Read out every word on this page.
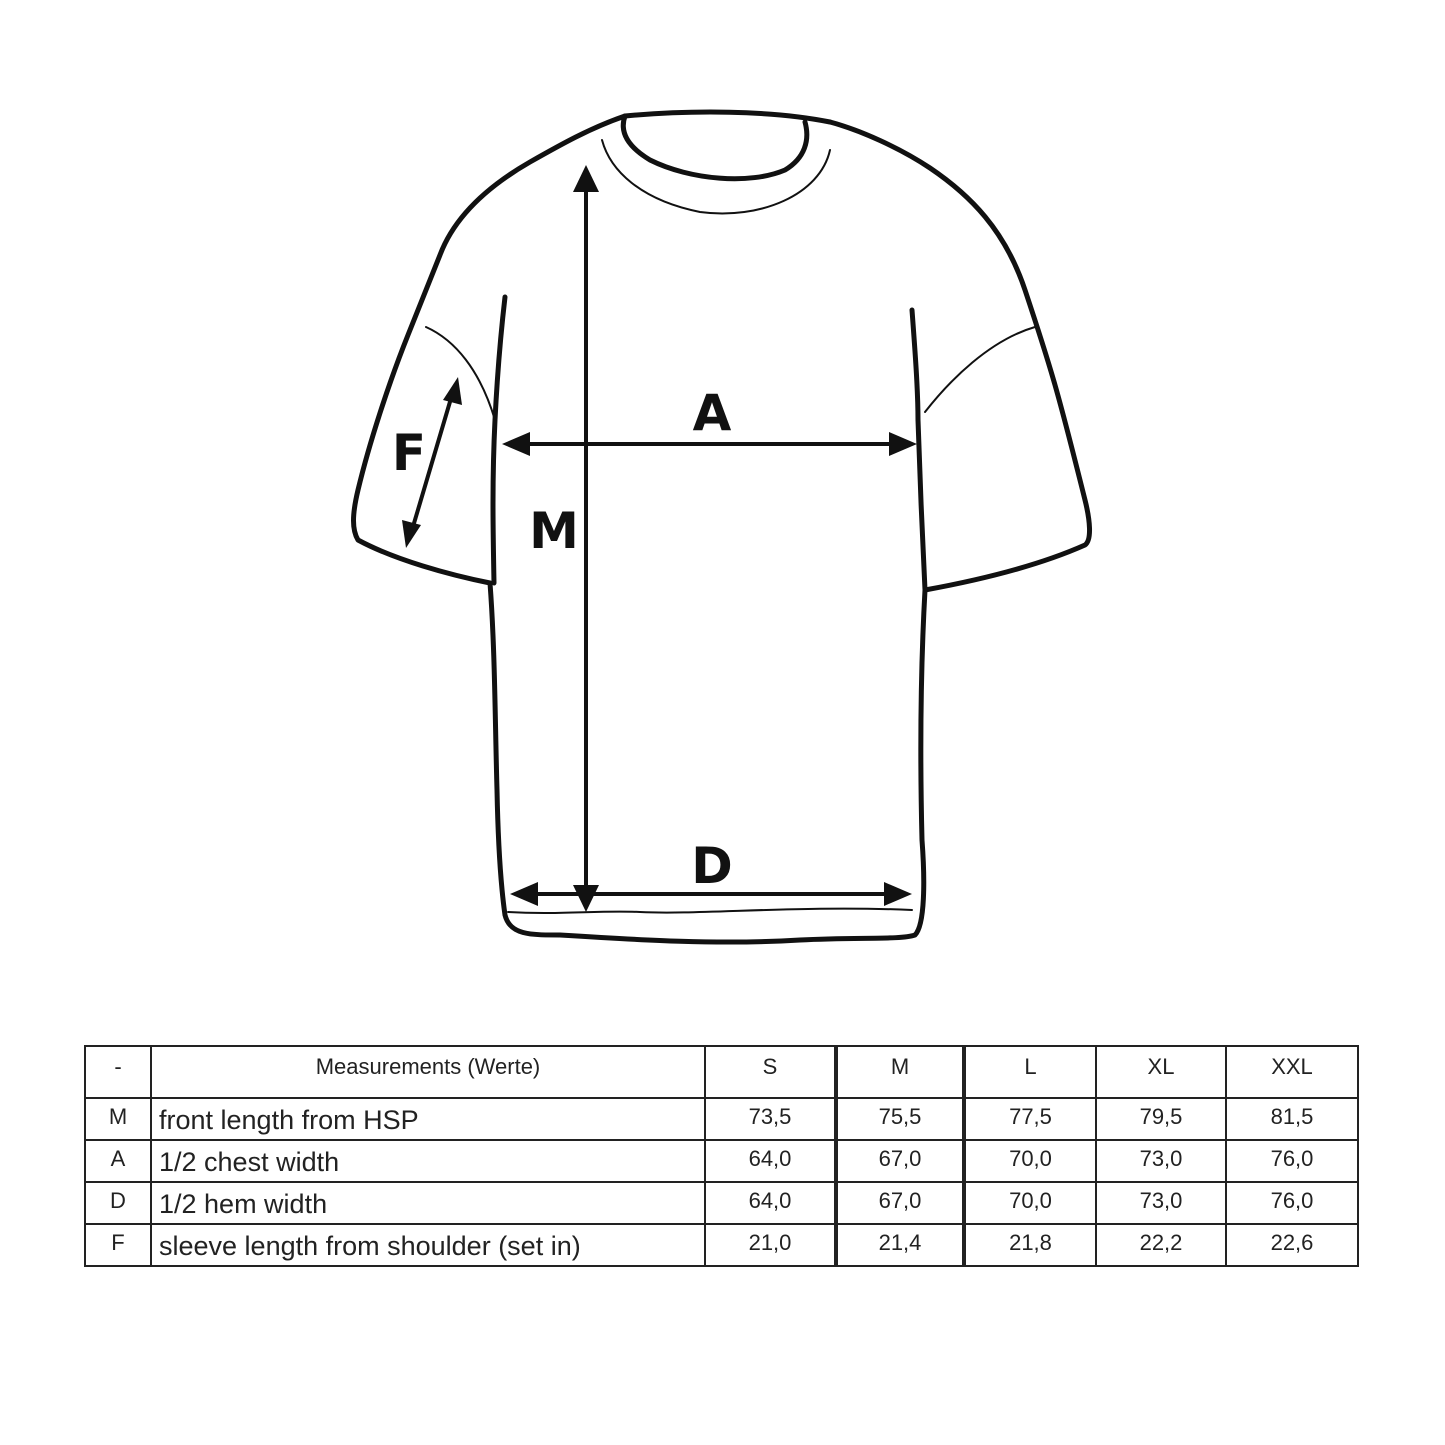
A
M
D
F
-	Measurements (Werte)	S	M	L	XL	XXL
M	front length from HSP	73,5	75,5	77,5	79,5	81,5
A	1/2 chest width	64,0	67,0	70,0	73,0	76,0
D	1/2 hem width	64,0	67,0	70,0	73,0	76,0
F	sleeve length from shoulder (set in)	21,0	21,4	21,8	22,2	22,6
